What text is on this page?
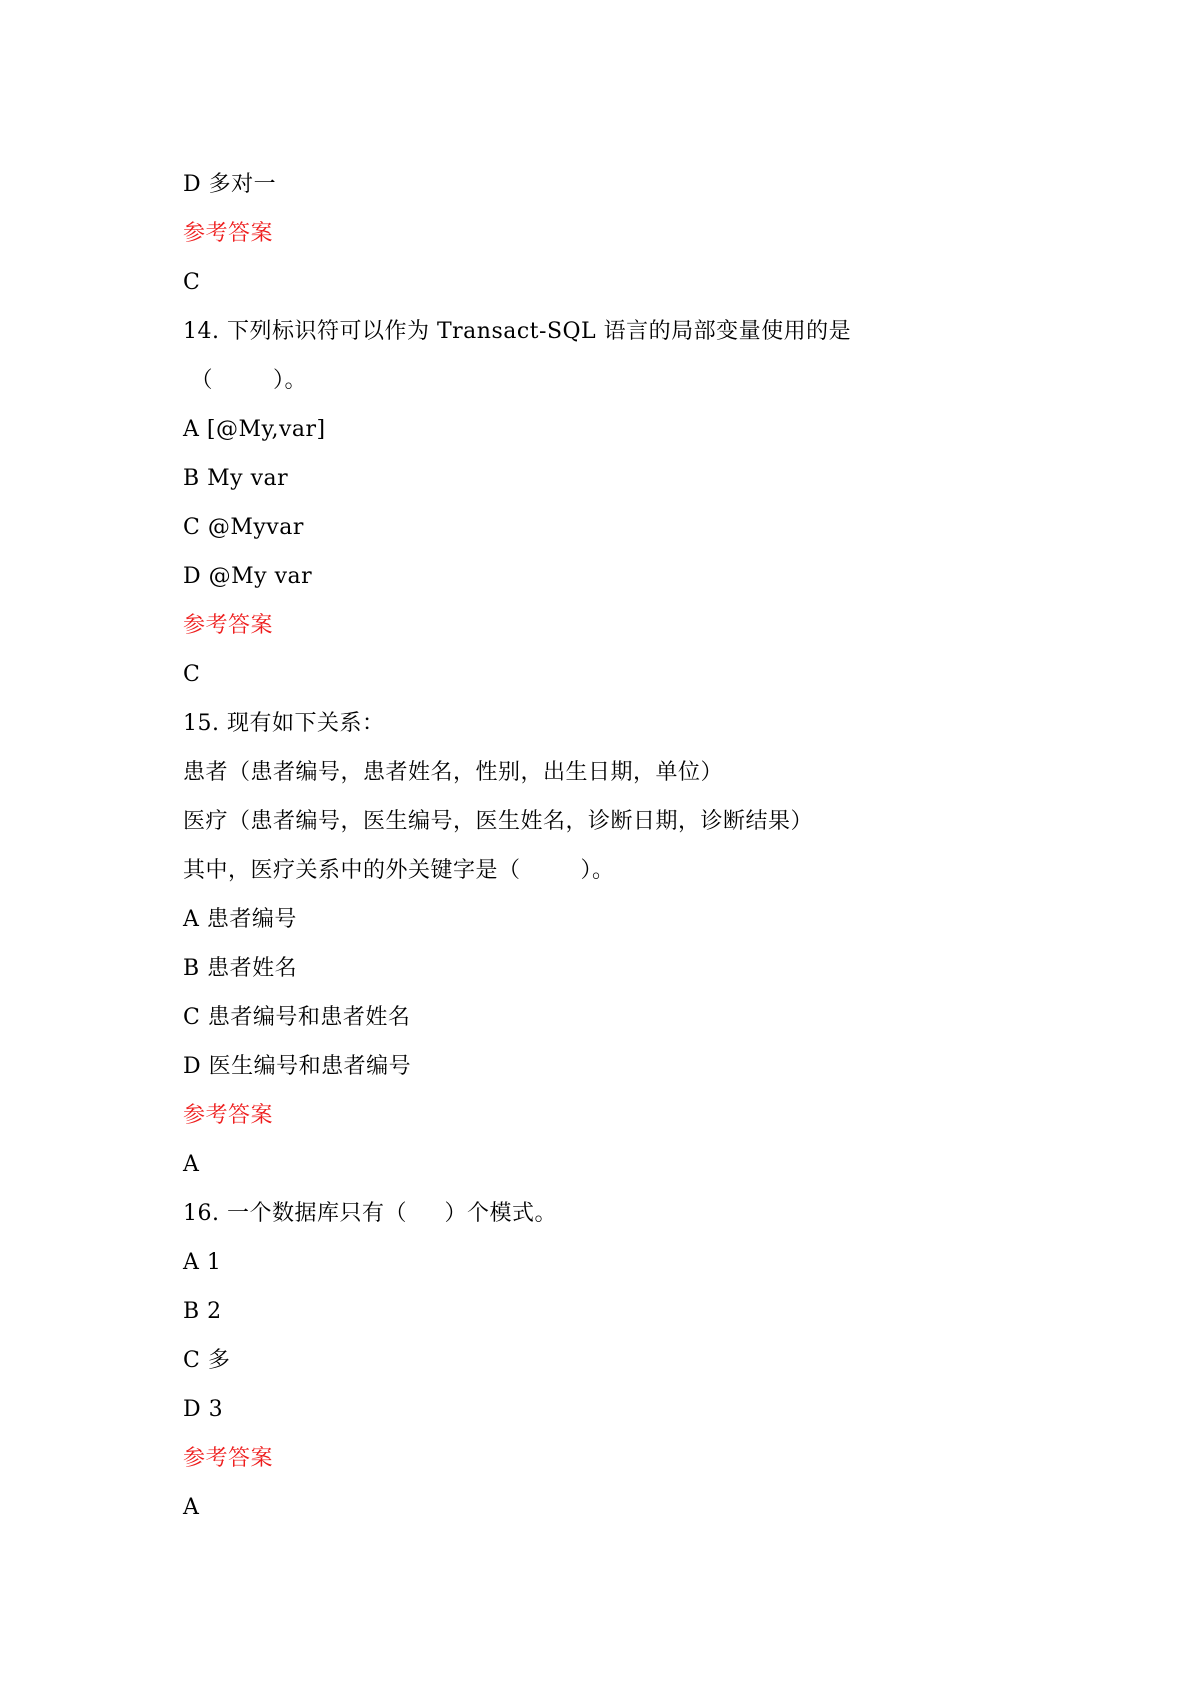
D 多对一
参考答案
C
14. 下列标识符可以作为 Transact-SQL 语言的局部变量使用的是
（        ）。
A [@My,var]
B My var
C @Myvar
D @My var
参考答案
C
15. 现有如下关系：
患者（患者编号，患者姓名，性别，出生日期，单位）
医疗（患者编号，医生编号，医生姓名，诊断日期，诊断结果）
其中，医疗关系中的外关键字是（        ）。
A 患者编号
B 患者姓名
C 患者编号和患者姓名
D 医生编号和患者编号
参考答案
A
16. 一个数据库只有（     ）个模式。
A 1
B 2
C 多
D 3
参考答案
A
